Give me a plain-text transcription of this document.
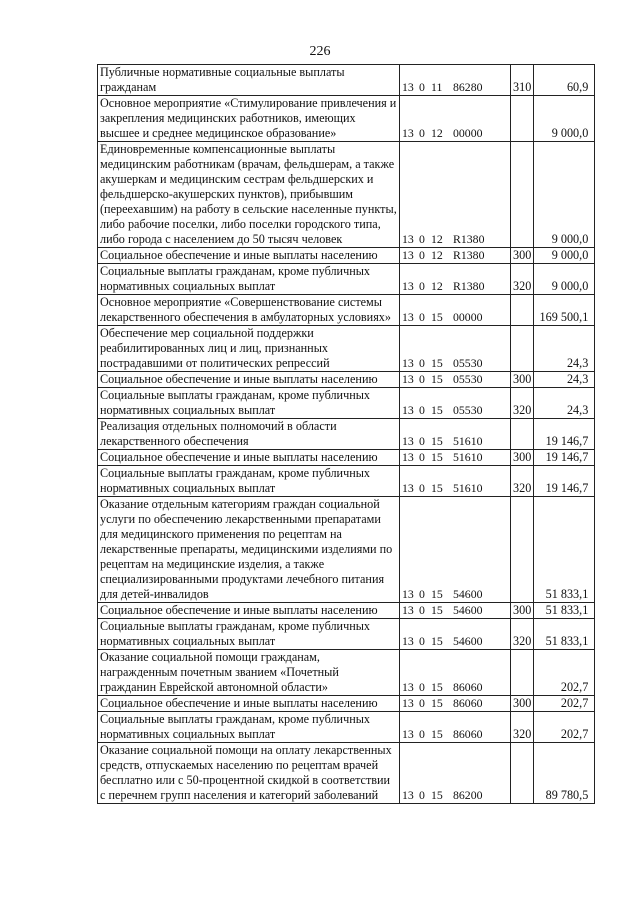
226
Публичные нормативные социальные выплаты гражданам	13 0 11 86280	310	60,9
Основное мероприятие «Стимулирование привлечения и закрепления медицинских работников, имеющих высшее и среднее медицинское образование»	13 0 12 00000		9 000,0
Единовременные компенсационные выплаты медицинским работникам (врачам, фельдшерам, а также акушеркам и медицинским сестрам фельдшерских и фельдшерско-акушерских пунктов), прибывшим (переехавшим) на работу в сельские населенные пункты, либо рабочие поселки, либо поселки городского типа, либо города с населением до 50 тысяч человек	13 0 12 R1380		9 000,0
Социальное обеспечение и иные выплаты населению	13 0 12 R1380	300	9 000,0
Социальные выплаты гражданам, кроме публичных нормативных социальных выплат	13 0 12 R1380	320	9 000,0
Основное мероприятие «Совершенствование системы лекарственного обеспечения в амбулаторных условиях»	13 0 15 00000		169 500,1
Обеспечение мер социальной поддержки реабилитированных лиц и лиц, признанных пострадавшими от политических репрессий	13 0 15 05530		24,3
Социальное обеспечение и иные выплаты населению	13 0 15 05530	300	24,3
Социальные выплаты гражданам, кроме публичных нормативных социальных выплат	13 0 15 05530	320	24,3
Реализация отдельных полномочий в области лекарственного обеспечения	13 0 15 51610		19 146,7
Социальное обеспечение и иные выплаты населению	13 0 15 51610	300	19 146,7
Социальные выплаты гражданам, кроме публичных нормативных социальных выплат	13 0 15 51610	320	19 146,7
Оказание отдельным категориям граждан социальной услуги по обеспечению лекарственными препаратами для медицинского применения по рецептам на лекарственные препараты, медицинскими изделиями по рецептам на медицинские изделия, а также специализированными продуктами лечебного питания для детей-инвалидов	13 0 15 54600		51 833,1
Социальное обеспечение и иные выплаты населению	13 0 15 54600	300	51 833,1
Социальные выплаты гражданам, кроме публичных нормативных социальных выплат	13 0 15 54600	320	51 833,1
Оказание социальной помощи гражданам, награжденным почетным званием «Почетный гражданин Еврейской автономной области»	13 0 15 86060		202,7
Социальное обеспечение и иные выплаты населению	13 0 15 86060	300	202,7
Социальные выплаты гражданам, кроме публичных нормативных социальных выплат	13 0 15 86060	320	202,7
Оказание социальной помощи на оплату лекарственных средств, отпускаемых населению по рецептам врачей бесплатно или с 50-процентной скидкой в соответствии с перечнем групп населения и категорий заболеваний	13 0 15 86200		89 780,5
